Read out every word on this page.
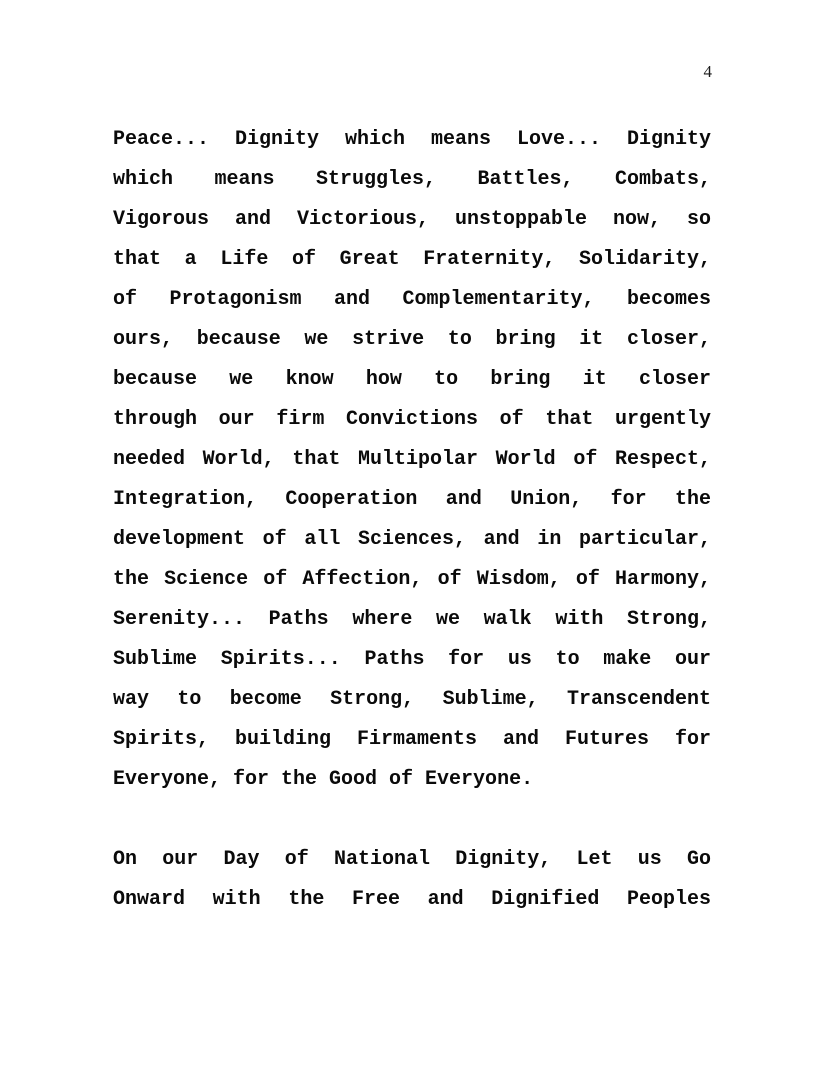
4
Peace... Dignity which means Love... Dignity
which means Struggles, Battles, Combats,
Vigorous and Victorious, unstoppable now, so
that a Life of Great Fraternity, Solidarity,
of Protagonism and Complementarity, becomes
ours, because we strive to bring it closer,
because we know how to bring it closer
through our firm Convictions of that urgently
needed World, that Multipolar World of Respect,
Integration, Cooperation and Union, for the
development of all Sciences, and in particular,
the Science of Affection, of Wisdom, of Harmony,
Serenity... Paths where we walk with Strong,
Sublime Spirits... Paths for us to make our
way to become Strong, Sublime, Transcendent
Spirits, building Firmaments and Futures for
Everyone, for the Good of Everyone.
On our Day of National Dignity, Let us Go
Onward with the Free and Dignified Peoples
